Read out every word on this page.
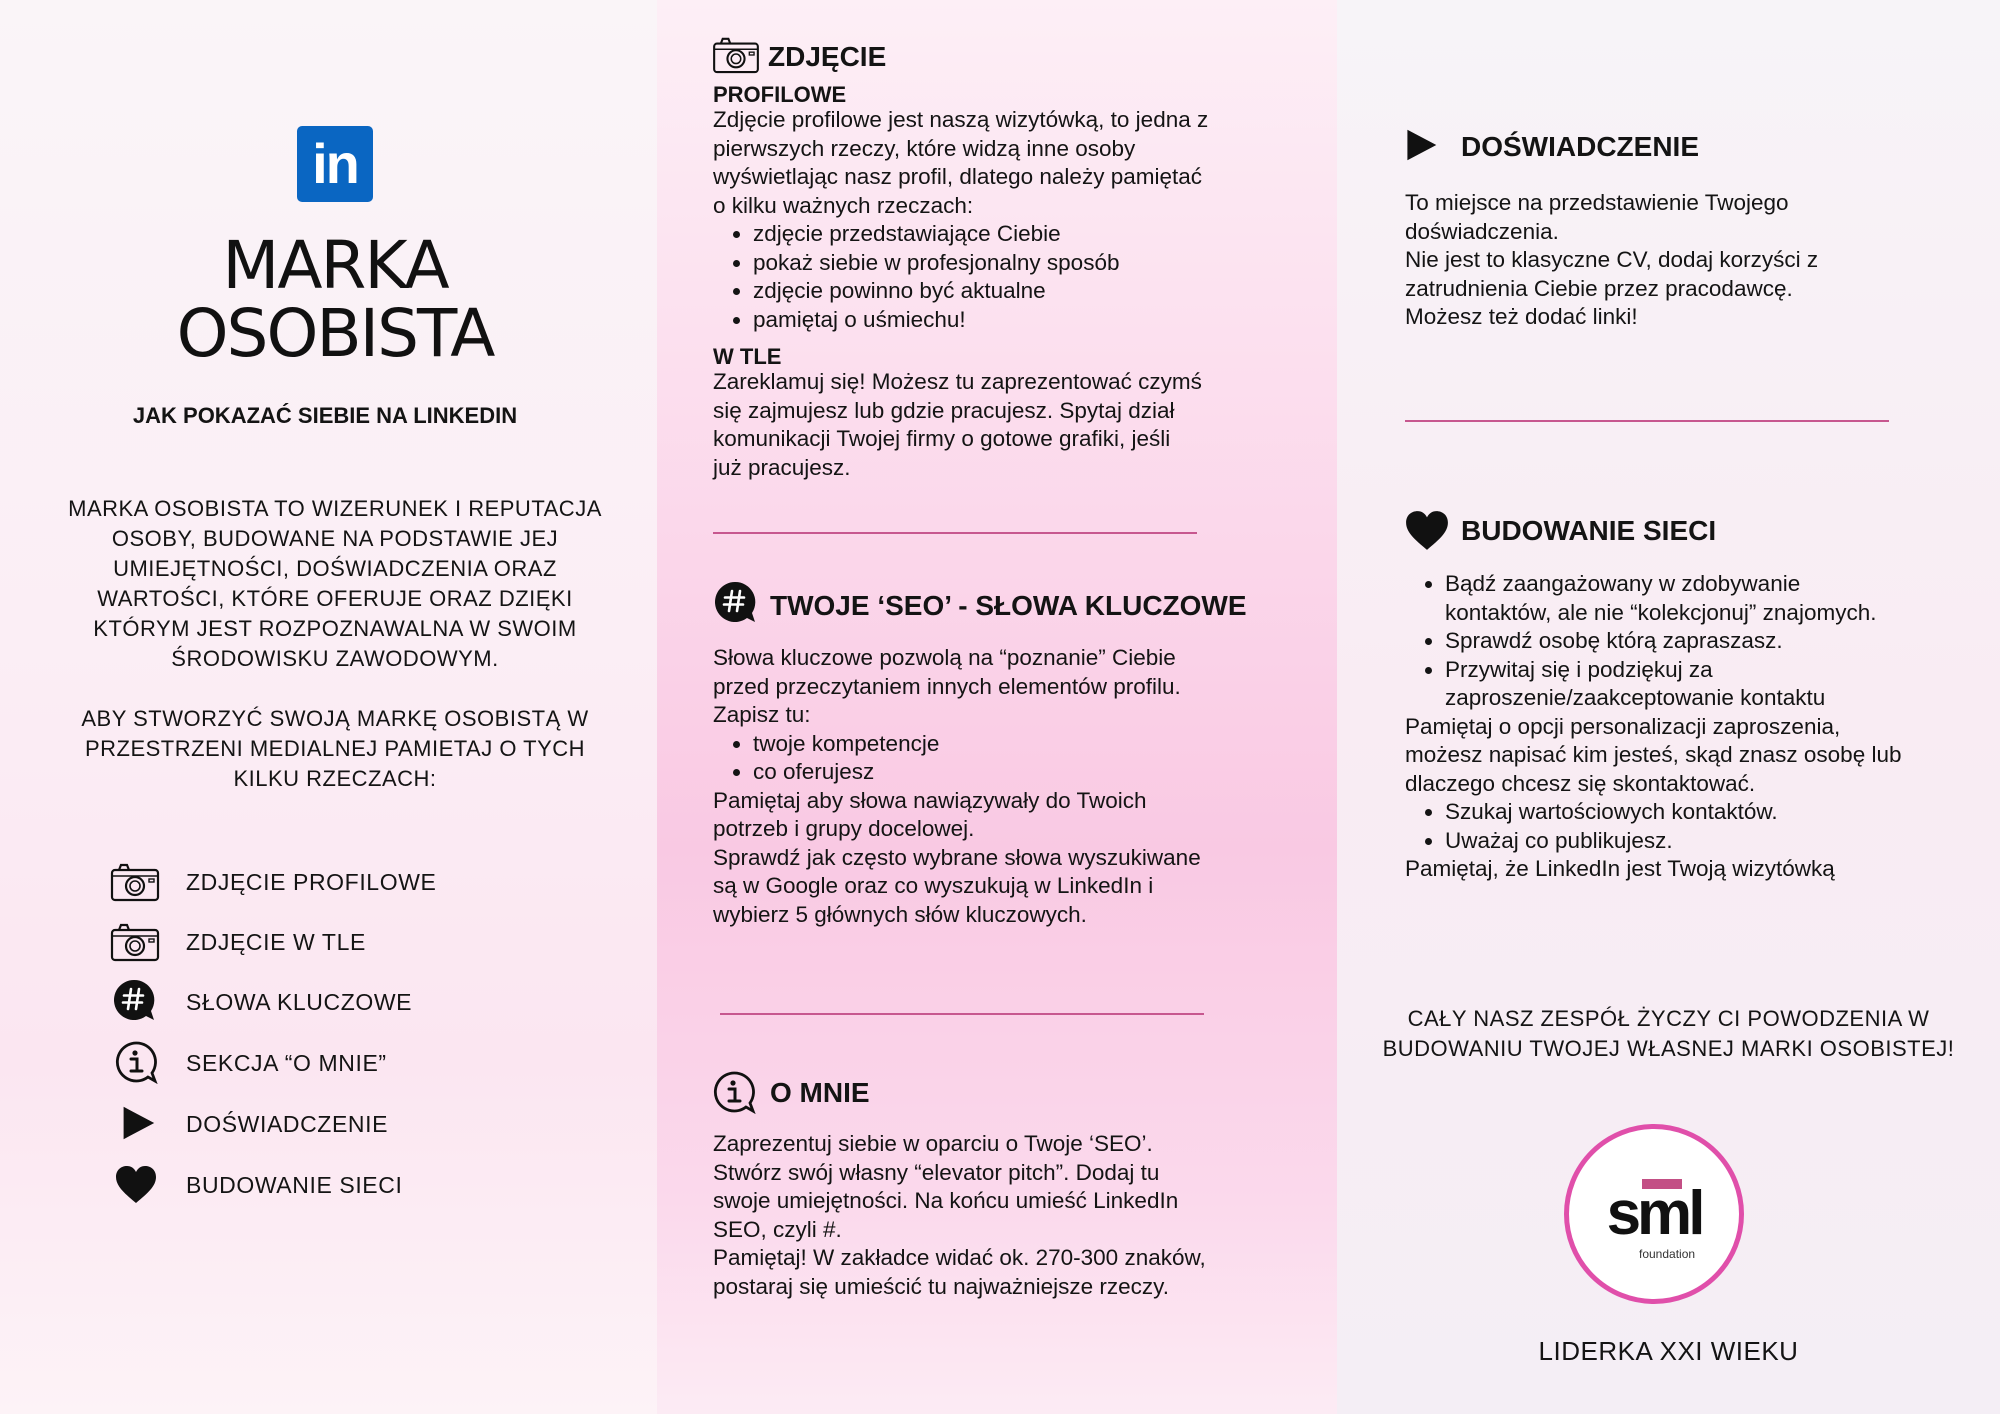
in
MARKA
OSOBISTA
JAK POKAZAĆ SIEBIE NA LINKEDIN
MARKA OSOBISTA TO WIZERUNEK I REPUTACJA OSOBY, BUDOWANE NA PODSTAWIE JEJ UMIEJĘTNOŚCI, DOŚWIADCZENIA ORAZ WARTOŚCI, KTÓRE OFERUJE ORAZ DZIĘKI KTÓRYM JEST ROZPOZNAWALNA W SWOIM ŚRODOWISKU ZAWODOWYM.
ABY STWORZYĆ SWOJĄ MARKĘ OSOBISTĄ W PRZESTRZENI MEDIALNEJ PAMIETAJ O TYCH KILKU RZECZACH:
ZDJĘCIE PROFILOWE
ZDJĘCIE W TLE
SŁOWA KLUCZOWE
SEKCJA “O MNIE”
DOŚWIADCZENIE
BUDOWANIE SIECI
ZDJĘCIE
PROFILOWE

Zdjęcie profilowe jest naszą wizytówką, to jedna z pierwszych rzeczy, które widzą inne osoby wyświetlając nasz profil, dlatego należy pamiętać o kilku ważnych rzeczach:

• zdjęcie przedstawiające Ciebie
• pokaż siebie w profesjonalny sposób
• zdjęcie powinno być aktualne
• pamiętaj o uśmiechu!
W TLE
Zareklamuj się! Możesz tu zaprezentować czymś się zajmujesz lub gdzie pracujesz. Spytaj dział komunikacji Twojej firmy o gotowe grafiki, jeśli już pracujesz.
TWOJE ‘SEO’ - SŁOWA KLUCZOWE

Słowa kluczowe pozwolą na “poznanie” Ciebie przed przeczytaniem innych elementów profilu. Zapisz tu:

• twoje kompetencje
• co oferujesz

Pamiętaj aby słowa nawiązywały do Twoich potrzeb i grupy docelowej.

Sprawdź jak często wybrane słowa wyszukiwane są w Google oraz co wyszukują w LinkedIn i wybierz 5 głównych słów kluczowych.

O MNIE

Zaprezentuj siebie w oparciu o Twoje ‘SEO’. Stwórz swój własny “elevator pitch”. Dodaj tu swoje umiejętności. Na końcu umieść LinkedIn SEO, czyli #.

Pamiętaj! W zakładce widać ok. 270-300 znaków, postaraj się umieścić tu najważniejsze rzeczy.

DOŚWIADCZENIE

To miejsce na przedstawienie Twojego doświadczenia.

Nie jest to klasyczne CV, dodaj korzyści z zatrudnienia Ciebie przez pracodawcę.

Możesz też dodać linki!

BUDOWANIE SIECI
• Bądź zaangażowany w zdobywanie kontaktów, ale nie “kolekcjonuj” znajomych.
• Sprawdź osobę którą zapraszasz.
• Przywitaj się i podziękuj za zaproszenie/zaakceptowanie kontaktu

Pamiętaj o opcji personalizacji zaproszenia, możesz napisać kim jesteś, skąd znasz osobę lub dlaczego chcesz się skontaktować.

• Szukaj wartościowych kontaktów.
• Uważaj co publikujesz.

Pamiętaj, że LinkedIn jest Twoją wizytówką

CAŁY NASZ ZESPÓŁ ŻYCZY CI POWODZENIA W BUDOWANIU TWOJEJ WŁASNEJ MARKI OSOBISTEJ!
sml
foundation
LIDERKA XXI WIEKU
